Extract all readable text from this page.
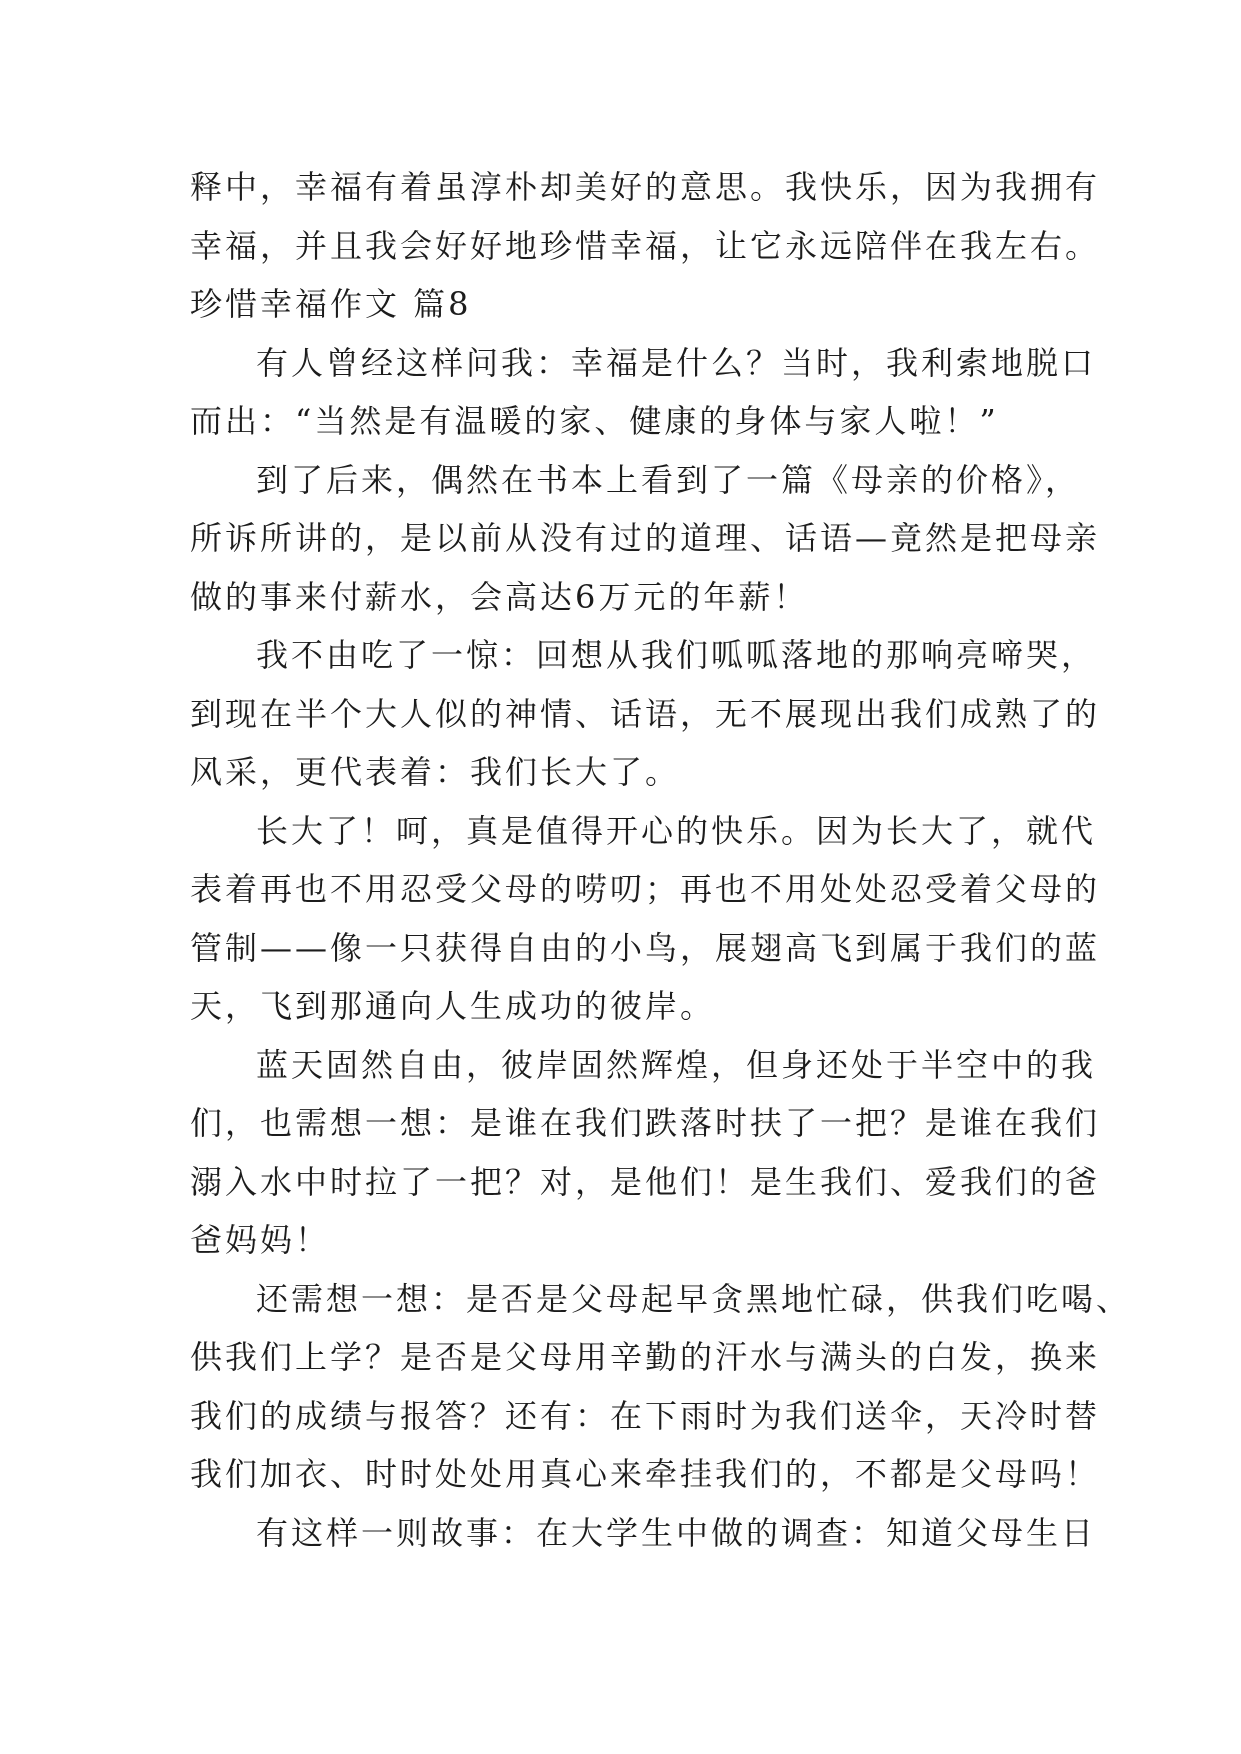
释中，幸福有着虽淳朴却美好的意思。我快乐，因为我拥有
幸福，并且我会好好地珍惜幸福，让它永远陪伴在我左右。
珍惜幸福作文 篇8
有人曾经这样问我：幸福是什么？当时，我利索地脱口
而出：“当然是有温暖的家、健康的身体与家人啦！”
到了后来，偶然在书本上看到了一篇《母亲的价格》，
所诉所讲的，是以前从没有过的道理、话语—竟然是把母亲
做的事来付薪水，会高达6万元的年薪！
我不由吃了一惊：回想从我们呱呱落地的那响亮啼哭，
到现在半个大人似的神情、话语，无不展现出我们成熟了的
风采，更代表着：我们长大了。
长大了！呵，真是值得开心的快乐。因为长大了，就代
表着再也不用忍受父母的唠叨；再也不用处处忍受着父母的
管制——像一只获得自由的小鸟，展翅高飞到属于我们的蓝
天，飞到那通向人生成功的彼岸。
蓝天固然自由，彼岸固然辉煌，但身还处于半空中的我
们，也需想一想：是谁在我们跌落时扶了一把？是谁在我们
溺入水中时拉了一把？对，是他们！是生我们、爱我们的爸
爸妈妈！
还需想一想：是否是父母起早贪黑地忙碌，供我们吃喝、
供我们上学？是否是父母用辛勤的汗水与满头的白发，换来
我们的成绩与报答？还有：在下雨时为我们送伞，天冷时替
我们加衣、时时处处用真心来牵挂我们的，不都是父母吗！
有这样一则故事：在大学生中做的调查：知道父母生日
